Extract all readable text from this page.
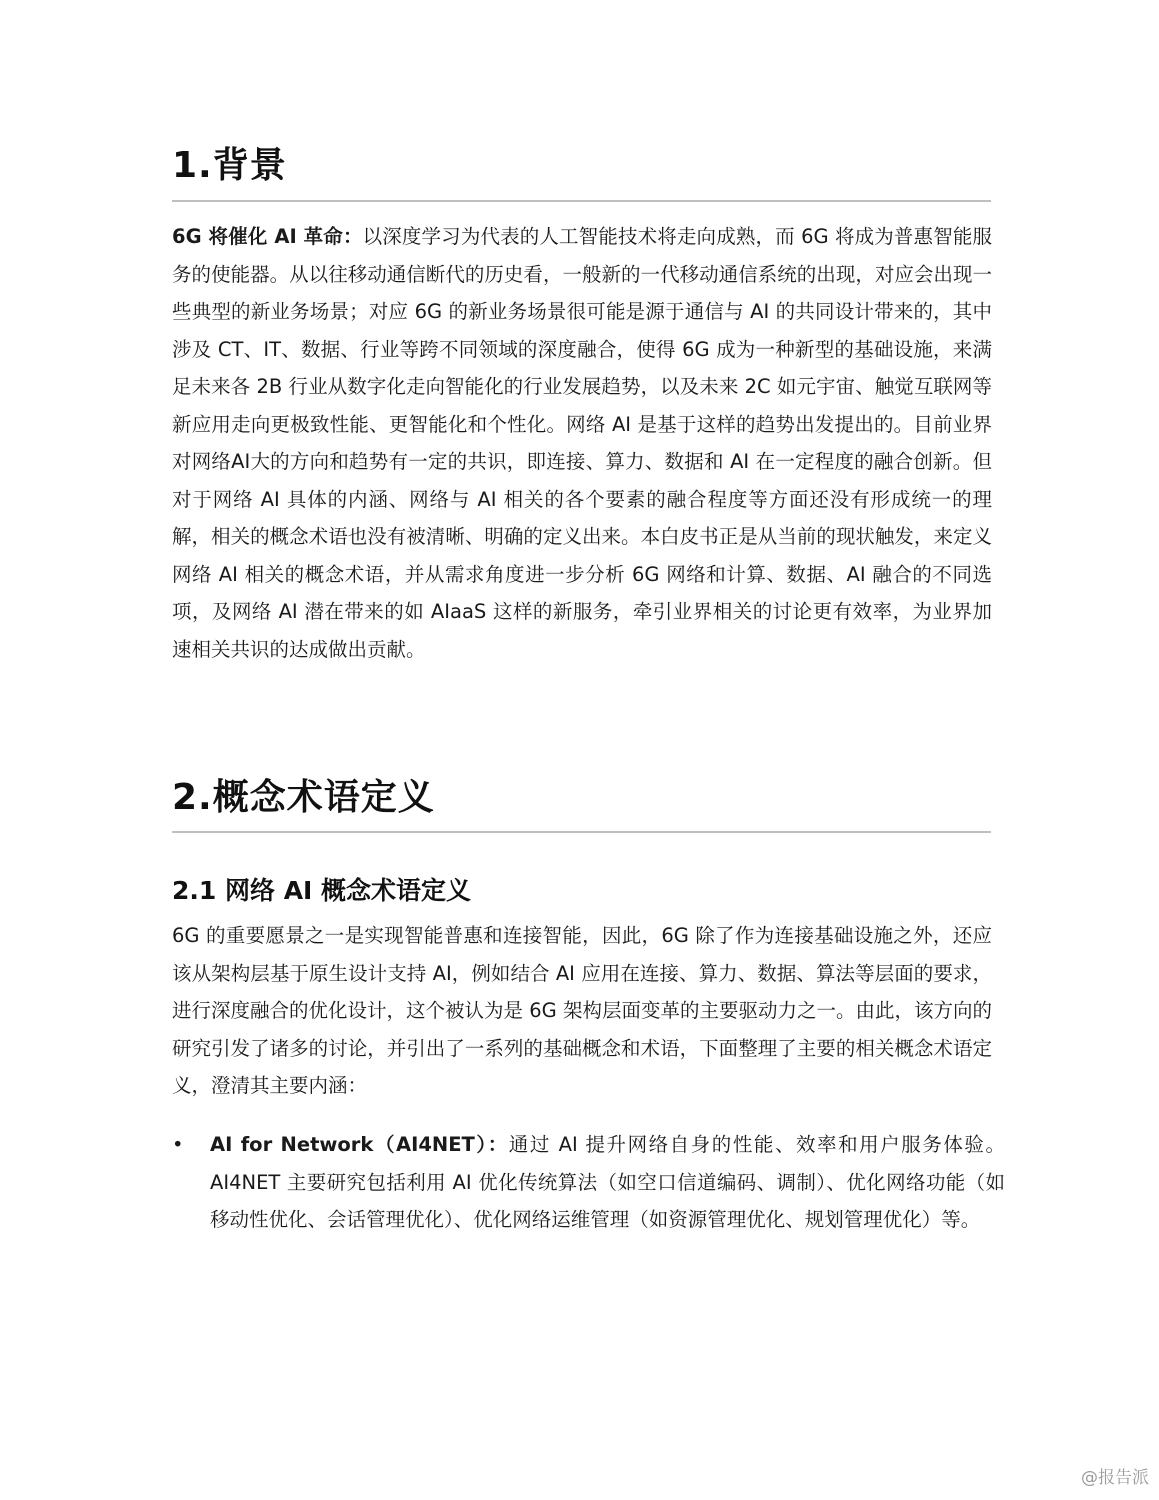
1.背景

6G 将催化 AI 革命：以深度学习为代表的人工智能技术将走向成熟，而 6G 将成为普惠智能服务的使能器。从以往移动通信断代的历史看，一般新的一代移动通信系统的出现，对应会出现一些典型的新业务场景；对应 6G 的新业务场景很可能是源于通信与 AI 的共同设计带来的，其中涉及 CT、IT、数据、行业等跨不同领域的深度融合，使得 6G 成为一种新型的基础设施，来满足未来各 2B 行业从数字化走向智能化的行业发展趋势，以及未来 2C 如元宇宙、触觉互联网等新应用走向更极致性能、更智能化和个性化。网络 AI 是基于这样的趋势出发提出的。目前业界对网络AI大的方向和趋势有一定的共识，即连接、算力、数据和 AI 在一定程度的融合创新。但对于网络 AI 具体的内涵、网络与 AI 相关的各个要素的融合程度等方面还没有形成统一的理解，相关的概念术语也没有被清晰、明确的定义出来。本白皮书正是从当前的现状触发，来定义网络 AI 相关的概念术语，并从需求角度进一步分析 6G 网络和计算、数据、AI 融合的不同选项，及网络 AI 潜在带来的如 AIaaS 这样的新服务，牵引业界相关的讨论更有效率，为业界加速相关共识的达成做出贡献。

2.概念术语定义
2.1 网络 AI 概念术语定义

6G 的重要愿景之一是实现智能普惠和连接智能，因此，6G 除了作为连接基础设施之外，还应该从架构层基于原生设计支持 AI，例如结合 AI 应用在连接、算力、数据、算法等层面的要求，进行深度融合的优化设计，这个被认为是 6G 架构层面变革的主要驱动力之一。由此，该方向的研究引发了诸多的讨论，并引出了一系列的基础概念和术语，下面整理了主要的相关概念术语定义，澄清其主要内涵：

• AI for Network（AI4NET）：通过 AI 提升网络自身的性能、效率和用户服务体验。AI4NET 主要研究包括利用 AI 优化传统算法（如空口信道编码、调制）、优化网络功能（如移动性优化、会话管理优化）、优化网络运维管理（如资源管理优化、规划管理优化）等。

@报告派
